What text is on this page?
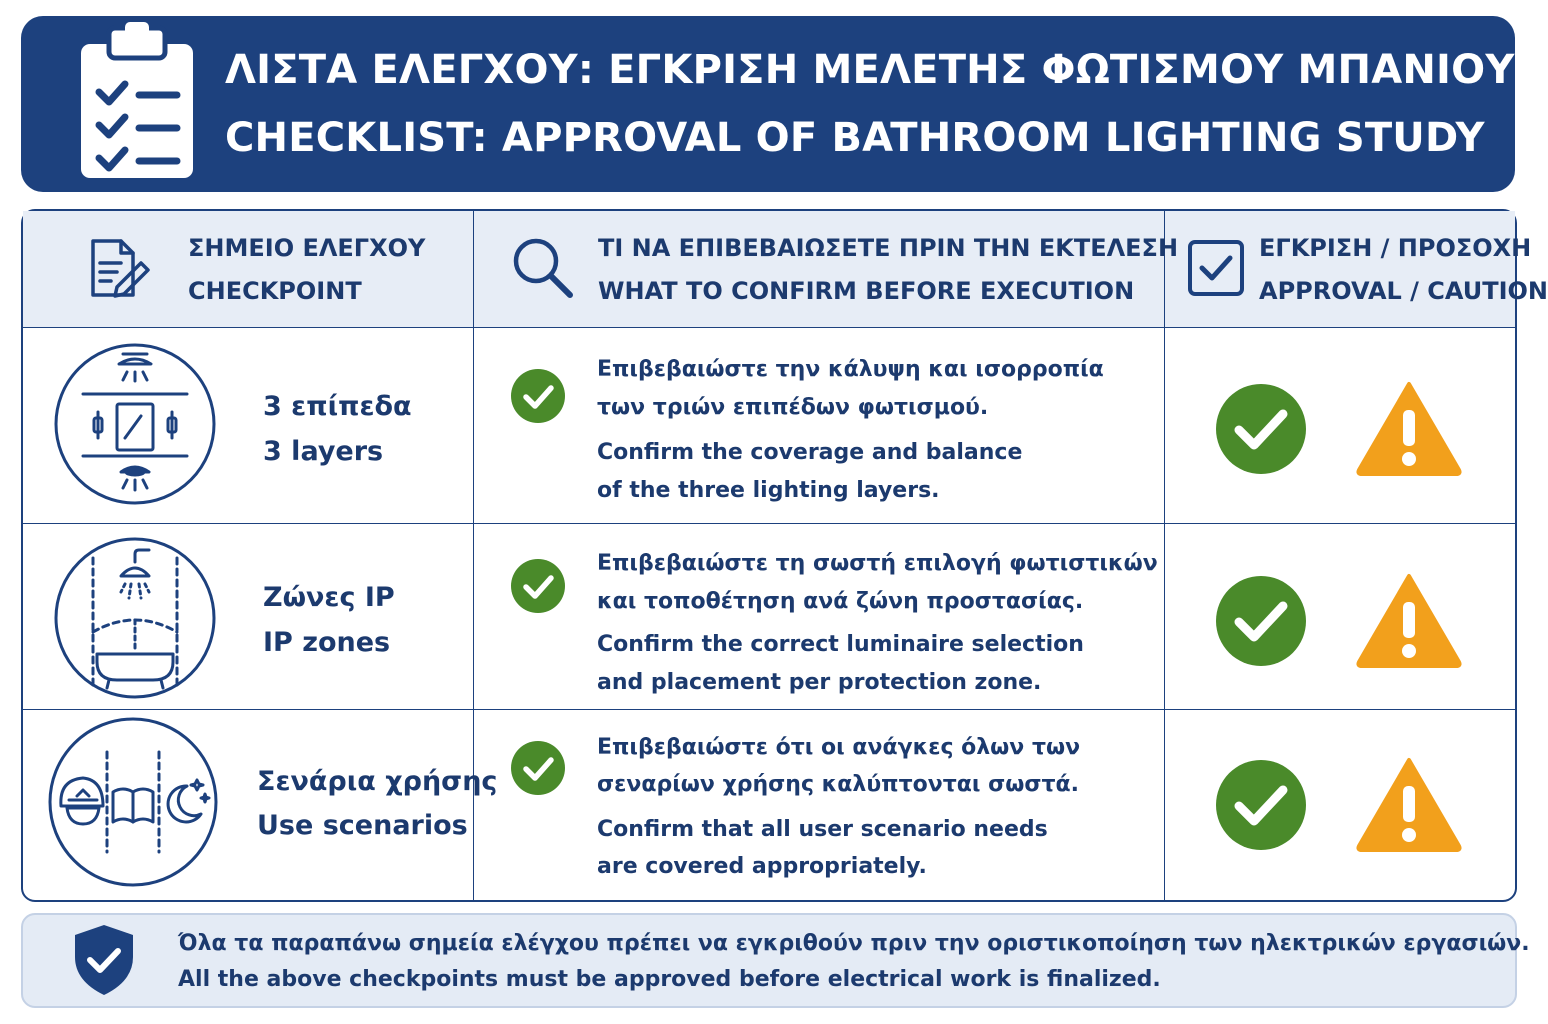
ΛΙΣΤΑ ΕΛΕΓΧΟΥ: ΕΓΚΡΙΣΗ ΜΕΛΕΤΗΣ ΦΩΤΙΣΜΟΥ ΜΠΑΝΙΟΥ
CHECKLIST: APPROVAL OF BATHROOM LIGHTING STUDY
ΣΗΜΕΙΟ ΕΛΕΓΧΟΥ
CHECKPOINT
ΤΙ ΝΑ ΕΠΙΒΕΒΑΙΩΣΕΤΕ ΠΡΙΝ ΤΗΝ ΕΚΤΕΛΕΣΗ
WHAT TO CONFIRM BEFORE EXECUTION
ΕΓΚΡΙΣΗ / ΠΡΟΣΟΧΗ
APPROVAL / CAUTION
3 επίπεδα
3 layers
Επιβεβαιώστε την κάλυψη και ισορροπία
των τριών επιπέδων φωτισμού.
Confirm the coverage and balance
of the three lighting layers.
Ζώνες IP
IP zones
Επιβεβαιώστε τη σωστή επιλογή φωτιστικών
και τοποθέτηση ανά ζώνη προστασίας.
Confirm the correct luminaire selection
and placement per protection zone.
Σενάρια χρήσης
Use scenarios
Επιβεβαιώστε ότι οι ανάγκες όλων των
σεναρίων χρήσης καλύπτονται σωστά.
Confirm that all user scenario needs
are covered appropriately.
Όλα τα παραπάνω σημεία ελέγχου πρέπει να εγκριθούν πριν την οριστικοποίηση των ηλεκτρικών εργασιών.
All the above checkpoints must be approved before electrical work is finalized.
